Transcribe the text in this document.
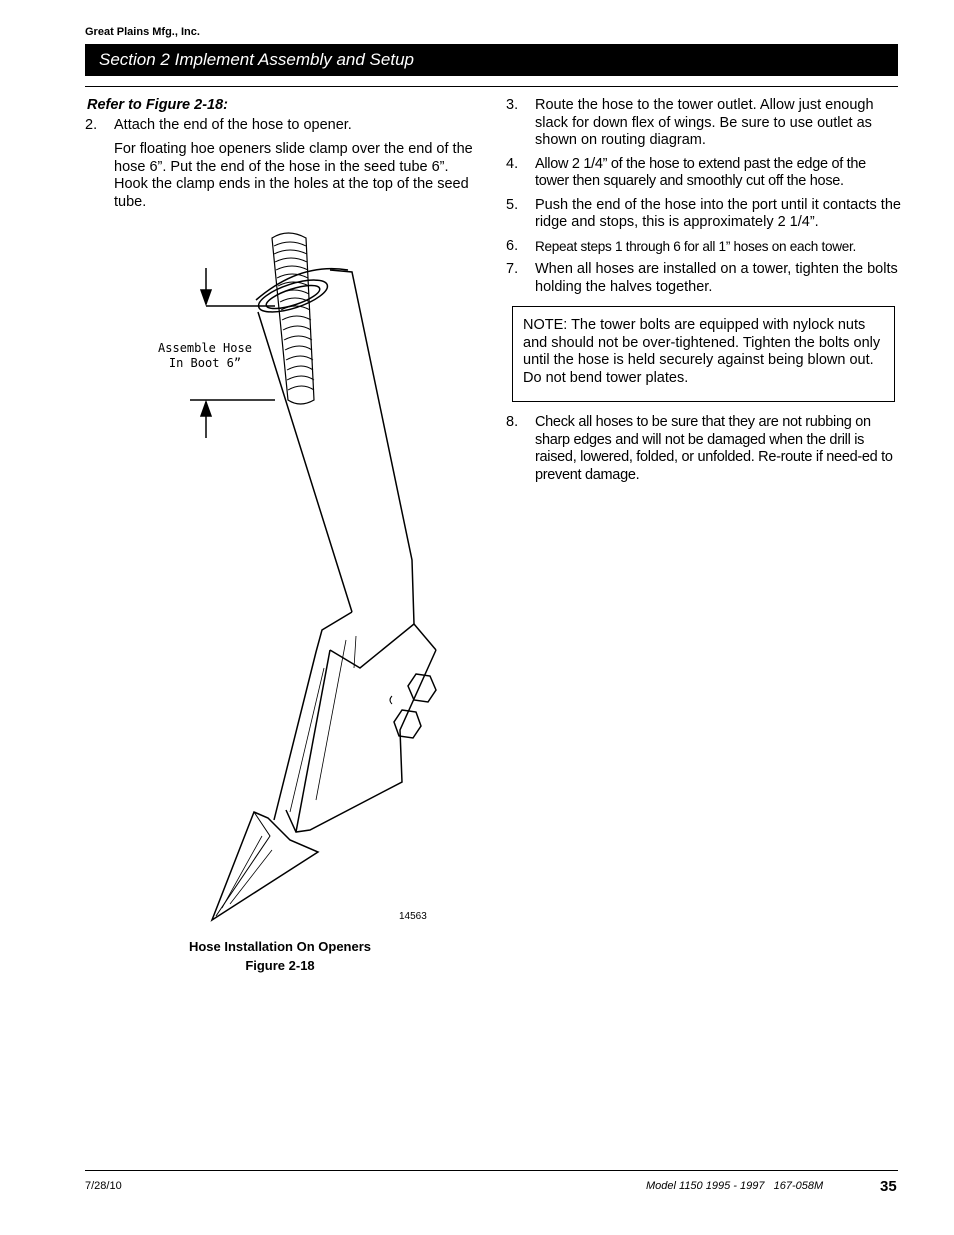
Great Plains Mfg., Inc.
Section 2 Implement Assembly and Setup
Refer to Figure 2-18:
2.	Attach the end of the hose to opener.
For floating hoe openers slide clamp over the end of the hose 6”. Put the end of the hose in the seed tube 6”. Hook the clamp ends in the holes at the top of the seed tube.
3.	Route the hose to the tower outlet. Allow just enough slack for down flex of wings. Be sure to use outlet as shown on routing diagram.
4.	Allow 2 1/4” of the hose to extend past the edge of the tower then squarely and smoothly cut off the hose.
5.	Push the end of the hose into the port until it contacts the ridge and stops, this is approximately 2 1/4”.
6.	Repeat steps 1 through 6 for all 1” hoses on each tower.
7.	When all hoses are installed on a tower, tighten the bolts holding the halves together.
NOTE: The tower bolts are equipped with nylock nuts and should not be over-tightened. Tighten the bolts only until the hose is held securely against being blown out. Do not bend tower plates.
8.	Check all hoses to be sure that they are not rubbing on sharp edges and will not be damaged when the drill is raised, lowered, folded, or unfolded. Re-route if need-ed to prevent damage.
Assemble Hose
In Boot 6”
14563
Hose Installation On Openers
Figure 2-18
7/28/10	Model 1150 1995 - 1997   167-058M	35
